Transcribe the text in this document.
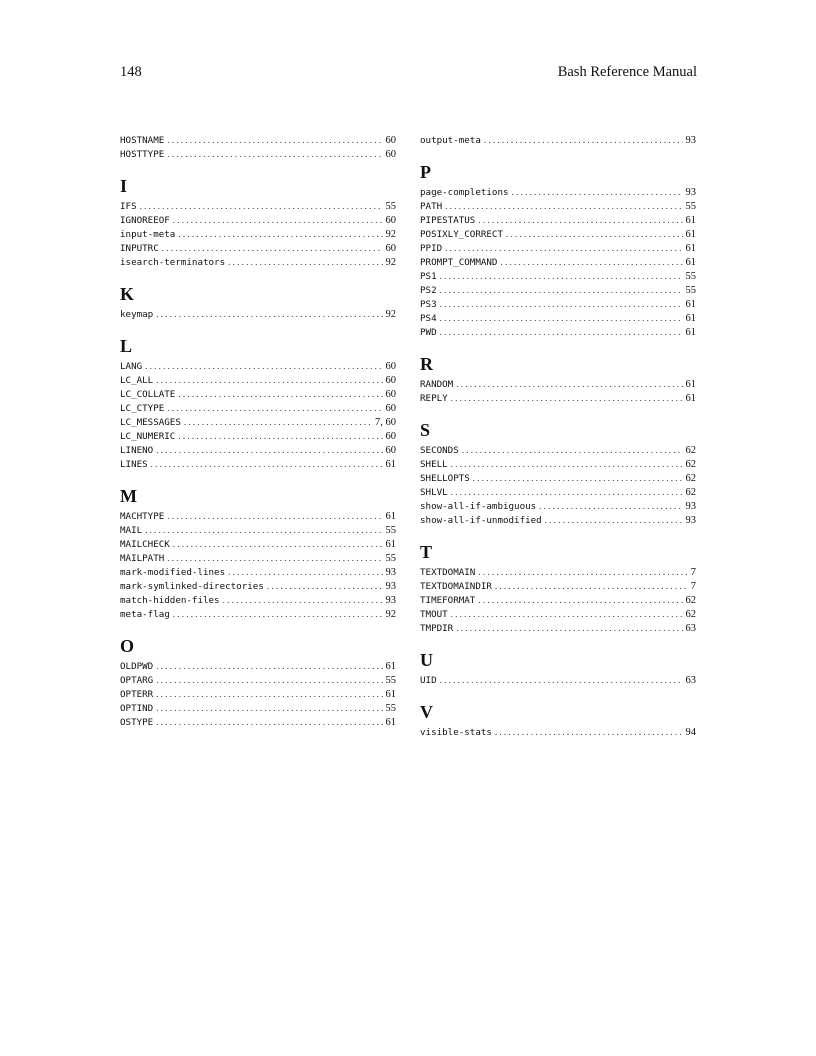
148	Bash Reference Manual
HOSTNAME . . .	60
HOSTTYPE . . .	60
I
IFS . . .	55
IGNOREEOF . . .	60
input-meta . . .	92
INPUTRC . . .	60
isearch-terminators . . .	92
K
keymap . . .	92
L
LANG . . .	60
LC_ALL . . .	60
LC_COLLATE . . .	60
LC_CTYPE . . .	60
LC_MESSAGES . . .	7, 60
LC_NUMERIC . . .	60
LINENO . . .	60
LINES . . .	61
M
MACHTYPE . . .	61
MAIL . . .	55
MAILCHECK . . .	61
MAILPATH . . .	55
mark-modified-lines . . .	93
mark-symlinked-directories . . .	93
match-hidden-files . . .	93
meta-flag . . .	92
O
OLDPWD . . .	61
OPTARG . . .	55
OPTERR . . .	61
OPTIND . . .	55
OSTYPE . . .	61
output-meta . . .	93
P
page-completions . . .	93
PATH . . .	55
PIPESTATUS . . .	61
POSIXLY_CORRECT . . .	61
PPID . . .	61
PROMPT_COMMAND . . .	61
PS1 . . .	55
PS2 . . .	55
PS3 . . .	61
PS4 . . .	61
PWD . . .	61
R
RANDOM . . .	61
REPLY . . .	61
S
SECONDS . . .	62
SHELL . . .	62
SHELLOPTS . . .	62
SHLVL . . .	62
show-all-if-ambiguous . . .	93
show-all-if-unmodified . . .	93
T
TEXTDOMAIN . . .	7
TEXTDOMAINDIR . . .	7
TIMEFORMAT . . .	62
TMOUT . . .	62
TMPDIR . . .	63
U
UID . . .	63
V
visible-stats . . .	94
